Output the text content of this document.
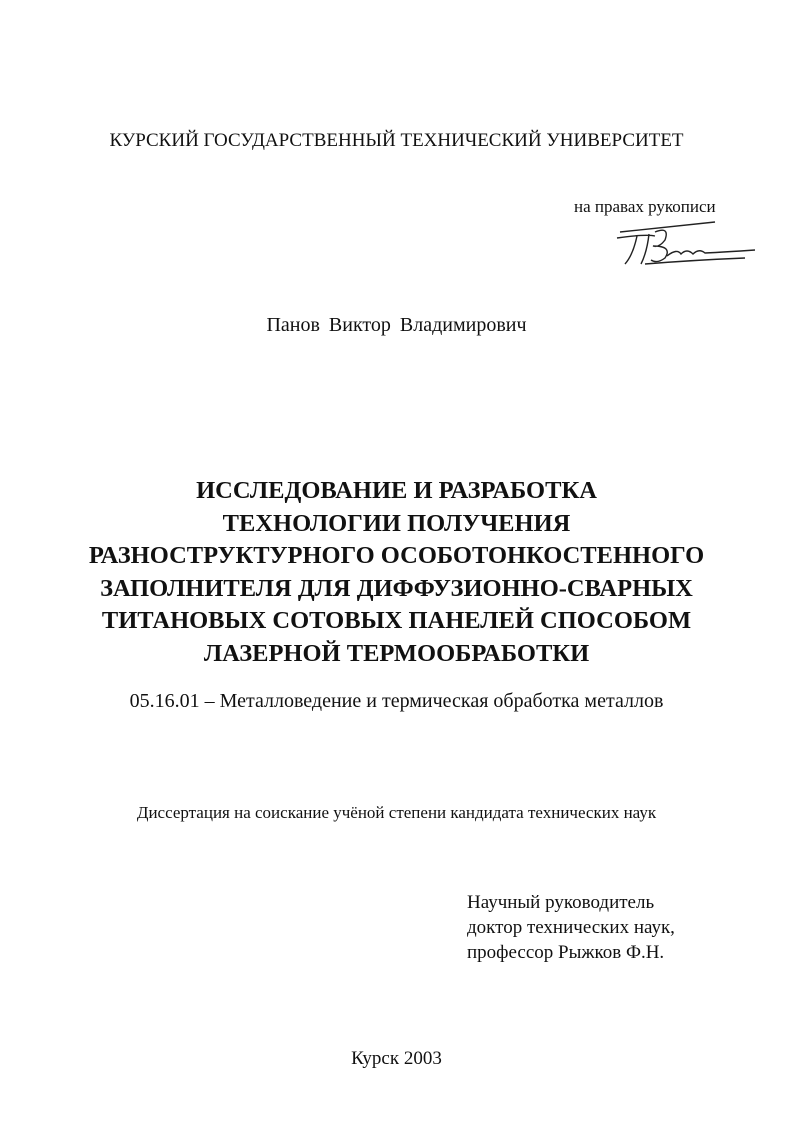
КУРСКИЙ ГОСУДАРСТВЕННЫЙ ТЕХНИЧЕСКИЙ УНИВЕРСИТЕТ
на правах рукописи
Панов Виктор Владимирович
ИССЛЕДОВАНИЕ И РАЗРАБОТКА
ТЕХНОЛОГИИ ПОЛУЧЕНИЯ
РАЗНОСТРУКТУРНОГО ОСОБОТОНКОСТЕННОГО
ЗАПОЛНИТЕЛЯ ДЛЯ ДИФФУЗИОННО-СВАРНЫХ
ТИТАНОВЫХ СОТОВЫХ ПАНЕЛЕЙ СПОСОБОМ
ЛАЗЕРНОЙ ТЕРМООБРАБОТКИ
05.16.01 – Металловедение и термическая обработка металлов
Диссертация на соискание учёной степени кандидата технических наук
Научный руководитель
доктор технических наук,
профессор Рыжков Ф.Н.
Курск 2003
